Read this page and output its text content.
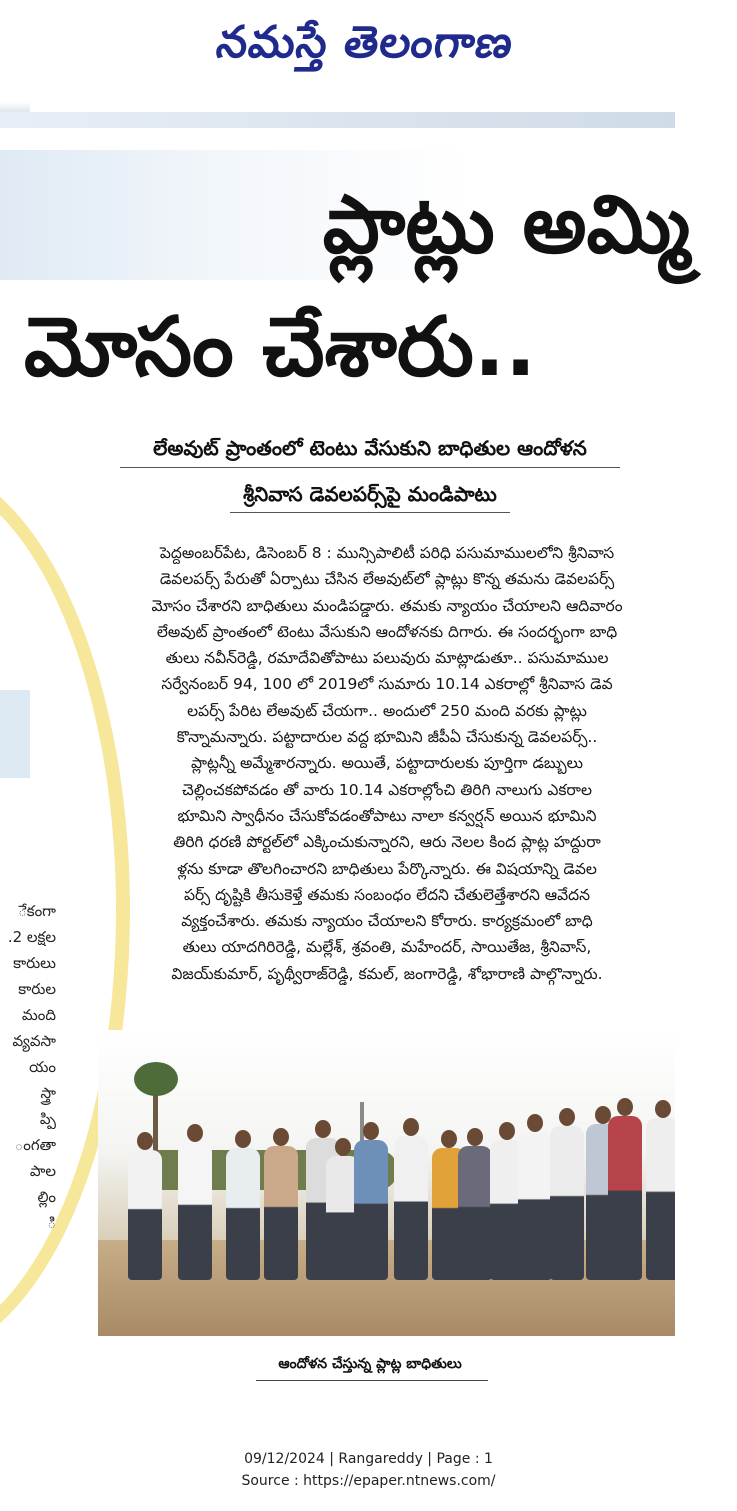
నమస్తే తెలంగాణ
ప్లాట్లు అమ్మి
మోసం చేశారు..
లేఅవుట్ ప్రాంతంలో టెంటు వేసుకుని బాధితుల ఆందోళన
శ్రీనివాస డెవలపర్స్‌పై మండిపాటు
ేకంగా
.2 లక్షల
కారులు
కారుల
మంది
వ్యవసా
యం
స్త్రా
ప్పి
ంగతా
పాల
ల్లిం
ి
పెద్దఅంబర్‌పేట, డిసెంబర్ 8 : మున్సిపాలిటీ పరిధి పసుమాములలోని శ్రీనివాస
డెవలపర్స్ పేరుతో ఏర్పాటు చేసిన లేఅవుట్‌లో ప్లాట్లు కొన్న తమను డెవలపర్స్
మోసం చేశారని బాధితులు మండిపడ్డారు. తమకు న్యాయం చేయాలని ఆదివారం
లేఅవుట్ ప్రాంతంలో టెంటు వేసుకుని ఆందోళనకు దిగారు. ఈ సందర్భంగా బాధి
తులు నవీన్‌రెడ్డి, రమాదేవితోపాటు పలువురు మాట్లాడుతూ.. పసుమాముల
సర్వేనంబర్ 94, 100 లో 2019లో సుమారు 10.14 ఎకరాల్లో శ్రీనివాస డెవ
లపర్స్ పేరిట లేఅవుట్ చేయగా.. అందులో 250 మంది వరకు ప్లాట్లు
కొన్నామన్నారు. పట్టాదారుల వద్ద భూమిని జీపీఏ చేసుకున్న డెవలపర్స్..
ప్లాట్లన్నీ అమ్మేశారన్నారు. అయితే, పట్టాదారులకు పూర్తిగా డబ్బులు
చెల్లించకపోవడం తో వారు 10.14 ఎకరాల్లోంచి తిరిగి నాలుగు ఎకరాల
భూమిని స్వాధీనం చేసుకోవడంతోపాటు నాలా కన్వర్షన్ అయిన భూమిని
తిరిగి ధరణి పోర్టల్‌లో ఎక్కించుకున్నారని, ఆరు నెలల కింద ప్లాట్ల హద్దురా
ళ్లను కూడా తొలగించారని బాధితులు పేర్కొన్నారు. ఈ విషయాన్ని డెవల
పర్స్ దృష్టికి తీసుకెళ్తే తమకు సంబంధం లేదని చేతులెత్తేశారని ఆవేదన
వ్యక్తంచేశారు. తమకు న్యాయం చేయాలని కోరారు. కార్యక్రమంలో బాధి
తులు యాదగిరిరెడ్డి, మల్లేశ్, శ్రవంతి, మహేందర్, సాయితేజ, శ్రీనివాస్,
విజయ్‌కుమార్, పృథ్వీరాజ్‌రెడ్డి, కమల్, జంగారెడ్డి, శోభారాణి పాల్గొన్నారు.
ఆందోళన చేస్తున్న ప్లాట్ల బాధితులు
09/12/2024 | Rangareddy | Page : 1
Source : https://epaper.ntnews.com/
